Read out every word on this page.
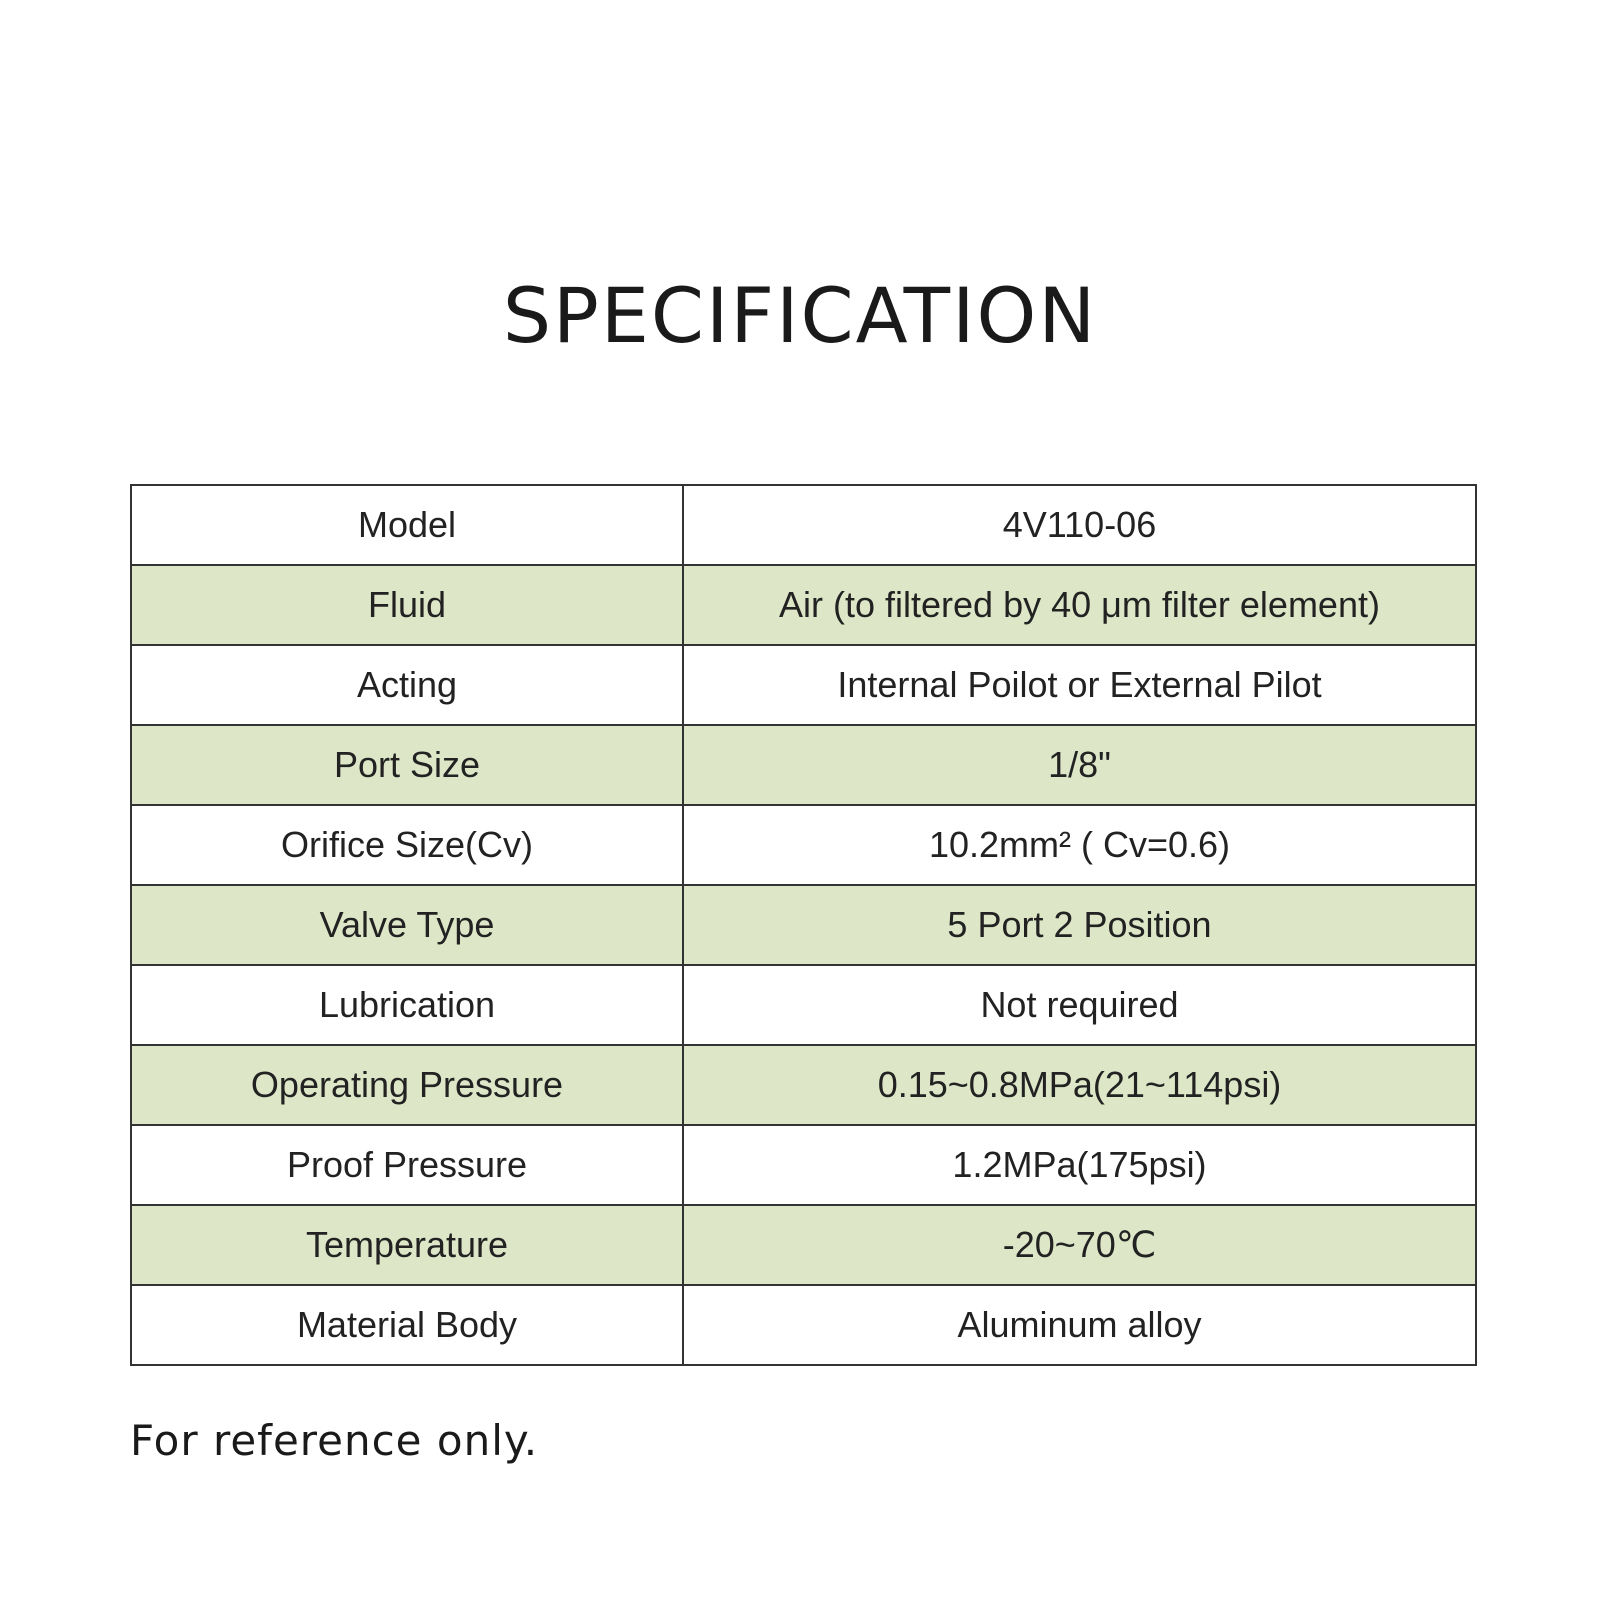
SPECIFICATION
Model	4V110-06
Fluid	Air (to filtered by 40 μm filter element)
Acting	Internal Poilot or External Pilot
Port Size	1/8"
Orifice Size(Cv)	10.2mm² ( Cv=0.6)
Valve Type	5 Port 2 Position
Lubrication	Not required
Operating Pressure	0.15~0.8MPa(21~114psi)
Proof Pressure	1.2MPa(175psi)
Temperature	-20~70℃
Material Body	Aluminum alloy
For reference only.
